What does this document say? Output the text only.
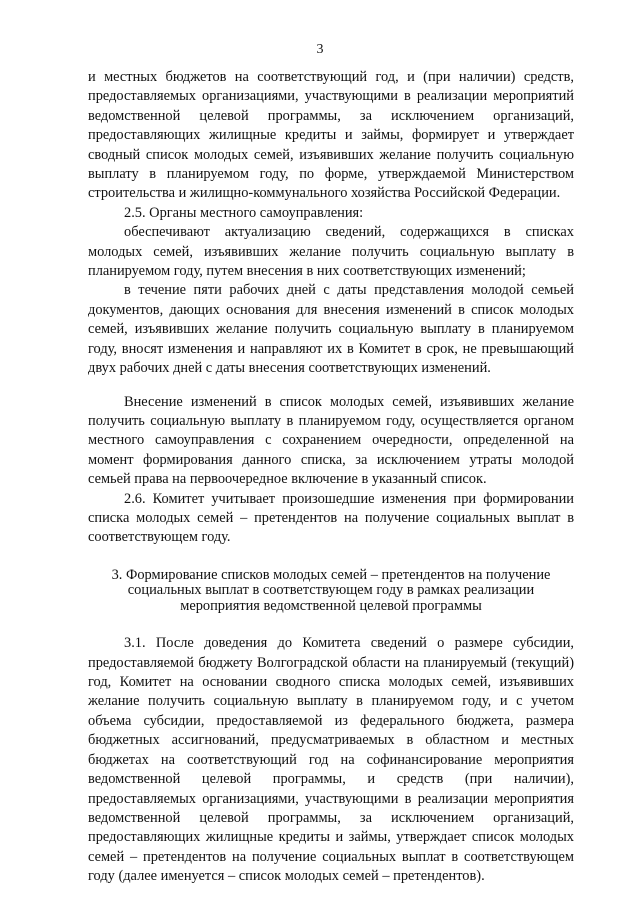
3

и местных бюджетов на соответствующий год, и (при наличии) средств, предоставляемых организациями, участвующими в реализации мероприятий ведомственной целевой программы, за исключением организаций, предоставляющих жилищные кредиты и займы, формирует и утверждает сводный список молодых семей, изъявивших желание получить социальную выплату в планируемом году, по форме, утверждаемой Министерством строительства и жилищно-коммунального хозяйства Российской Федерации.

2.5. Органы местного самоуправления:

обеспечивают актуализацию сведений, содержащихся в списках молодых семей, изъявивших желание получить социальную выплату в планируемом году, путем внесения в них соответствующих изменений;

в течение пяти рабочих дней с даты представления молодой семьей документов, дающих основания для внесения изменений в список молодых семей, изъявивших желание получить социальную выплату в планируемом году, вносят изменения и направляют их в Комитет в срок, не превышающий двух рабочих дней с даты внесения соответствующих изменений.

Внесение изменений в список молодых семей, изъявивших желание получить социальную выплату в планируемом году, осуществляется органом местного самоуправления с сохранением очередности, определенной на момент формирования данного списка, за исключением утраты молодой семьей права на первоочередное включение в указанный список.

2.6. Комитет учитывает произошедшие изменения при формировании списка молодых семей – претендентов на получение социальных выплат в соответствующем году.

3. Формирование списков молодых семей – претендентов на получение социальных выплат в соответствующем году в рамках реализации мероприятия ведомственной целевой программы

3.1. После доведения до Комитета сведений о размере субсидии, предоставляемой бюджету Волгоградской области на планируемый (текущий) год, Комитет на основании сводного списка молодых семей, изъявивших желание получить социальную выплату в планируемом году, и с учетом объема субсидии, предоставляемой из федерального бюджета, размера бюджетных ассигнований, предусматриваемых в областном и местных бюджетах на соответствующий год на софинансирование мероприятия ведомственной целевой программы, и средств (при наличии), предоставляемых организациями, участвующими в реализации мероприятия ведомственной целевой программы, за исключением организаций, предоставляющих жилищные кредиты и займы, утверждает список молодых семей – претендентов на получение социальных выплат в соответствующем году (далее именуется – список молодых семей – претендентов).
